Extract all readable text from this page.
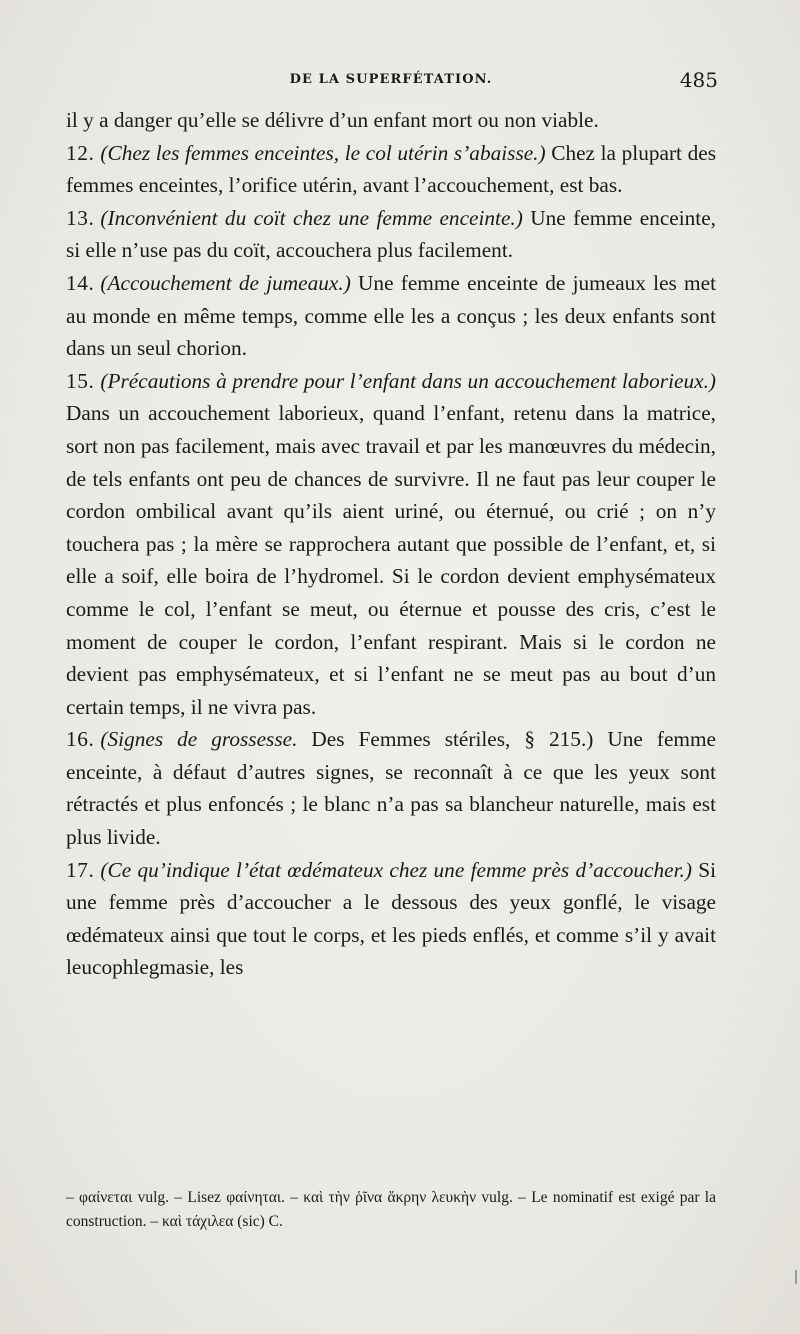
DE LA SUPERFÉTATION.	485

il y a danger qu’elle se délivre d’un enfant mort ou non viable.

12. (Chez les femmes enceintes, le col utérin s’abaisse.) Chez la plupart des femmes enceintes, l’orifice utérin, avant l’accouchement, est bas.

13. (Inconvénient du coït chez une femme enceinte.) Une femme enceinte, si elle n’use pas du coït, accouchera plus facilement.

14. (Accouchement de jumeaux.) Une femme enceinte de jumeaux les met au monde en même temps, comme elle les a conçus ; les deux enfants sont dans un seul chorion.

15. (Précautions à prendre pour l’enfant dans un accouchement laborieux.) Dans un accouchement laborieux, quand l’enfant, retenu dans la matrice, sort non pas facilement, mais avec travail et par les manœuvres du médecin, de tels enfants ont peu de chances de survivre. Il ne faut pas leur couper le cordon ombilical avant qu’ils aient uriné, ou éternué, ou crié ; on n’y touchera pas ; la mère se rapprochera autant que possible de l’enfant, et, si elle a soif, elle boira de l’hydromel. Si le cordon devient emphysémateux comme le col, l’enfant se meut, ou éternue et pousse des cris, c’est le moment de couper le cordon, l’enfant respirant. Mais si le cordon ne devient pas emphysémateux, et si l’enfant ne se meut pas au bout d’un certain temps, il ne vivra pas.

16. (Signes de grossesse. Des Femmes stériles, § 215.) Une femme enceinte, à défaut d’autres signes, se reconnaît à ce que les yeux sont rétractés et plus enfoncés ; le blanc n’a pas sa blancheur naturelle, mais est plus livide.

17. (Ce qu’indique l’état œdémateux chez une femme près d’accoucher.) Si une femme près d’accoucher a le dessous des yeux gonflé, le visage œdémateux ainsi que tout le corps, et les pieds enflés, et comme s’il y avait leucophlegmasie, les

– φαίνεται vulg. – Lisez φαίνηται. – καὶ τὴν ῥῖνα ἄκρην λευκὴν vulg. – Le nominatif est exigé par la construction. – καὶ τάχιλεα (sic) C.
